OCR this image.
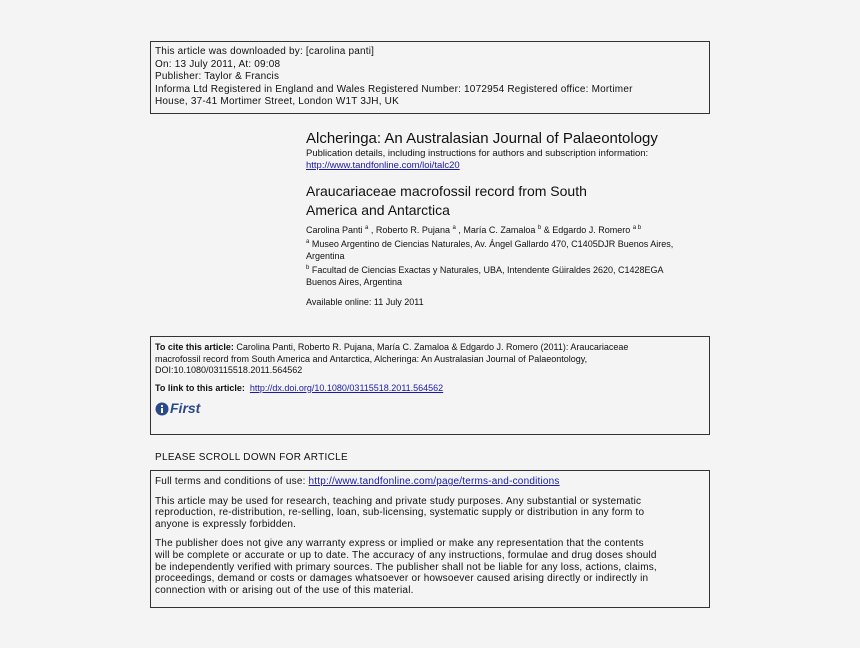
This article was downloaded by: [carolina panti]
On: 13 July 2011, At: 09:08
Publisher: Taylor & Francis
Informa Ltd Registered in England and Wales Registered Number: 1072954 Registered office: Mortimer
House, 37-41 Mortimer Street, London W1T 3JH, UK
Alcheringa: An Australasian Journal of Palaeontology
Publication details, including instructions for authors and subscription information:
http://www.tandfonline.com/loi/talc20
Araucariaceae macrofossil record from South
America and Antarctica
Carolina Panti $^a$ , Roberto R. Pujana $^a$ , María C. Zamaloa $^b$ & Edgardo J. Romero $^{a b}$
$^a$ Museo Argentino de Ciencias Naturales, Av. Ángel Gallardo 470, C1405DJR Buenos Aires,
Argentina
$^b$ Facultad de Ciencias Exactas y Naturales, UBA, Intendente Güiraldes 2620, C1428EGA
Buenos Aires, Argentina
Available online: 11 July 2011
To cite this article: Carolina Panti, Roberto R. Pujana, María C. Zamaloa & Edgardo J. Romero (2011): Araucariaceae
macrofossil record from South America and Antarctica, Alcheringa: An Australasian Journal of Palaeontology,
DOI:10.1080/03115518.2011.564562
To link to this article: http://dx.doi.org/10.1080/03115518.2011.564562
First
PLEASE SCROLL DOWN FOR ARTICLE

Full terms and conditions of use: http://www.tandfonline.com/page/terms-and-conditions

This article may be used for research, teaching and private study purposes. Any substantial or systematic
reproduction, re-distribution, re-selling, loan, sub-licensing, systematic supply or distribution in any form to
anyone is expressly forbidden.

The publisher does not give any warranty express or implied or make any representation that the contents
will be complete or accurate or up to date. The accuracy of any instructions, formulae and drug doses should
be independently verified with primary sources. The publisher shall not be liable for any loss, actions, claims,
proceedings, demand or costs or damages whatsoever or howsoever caused arising directly or indirectly in
connection with or arising out of the use of this material.
